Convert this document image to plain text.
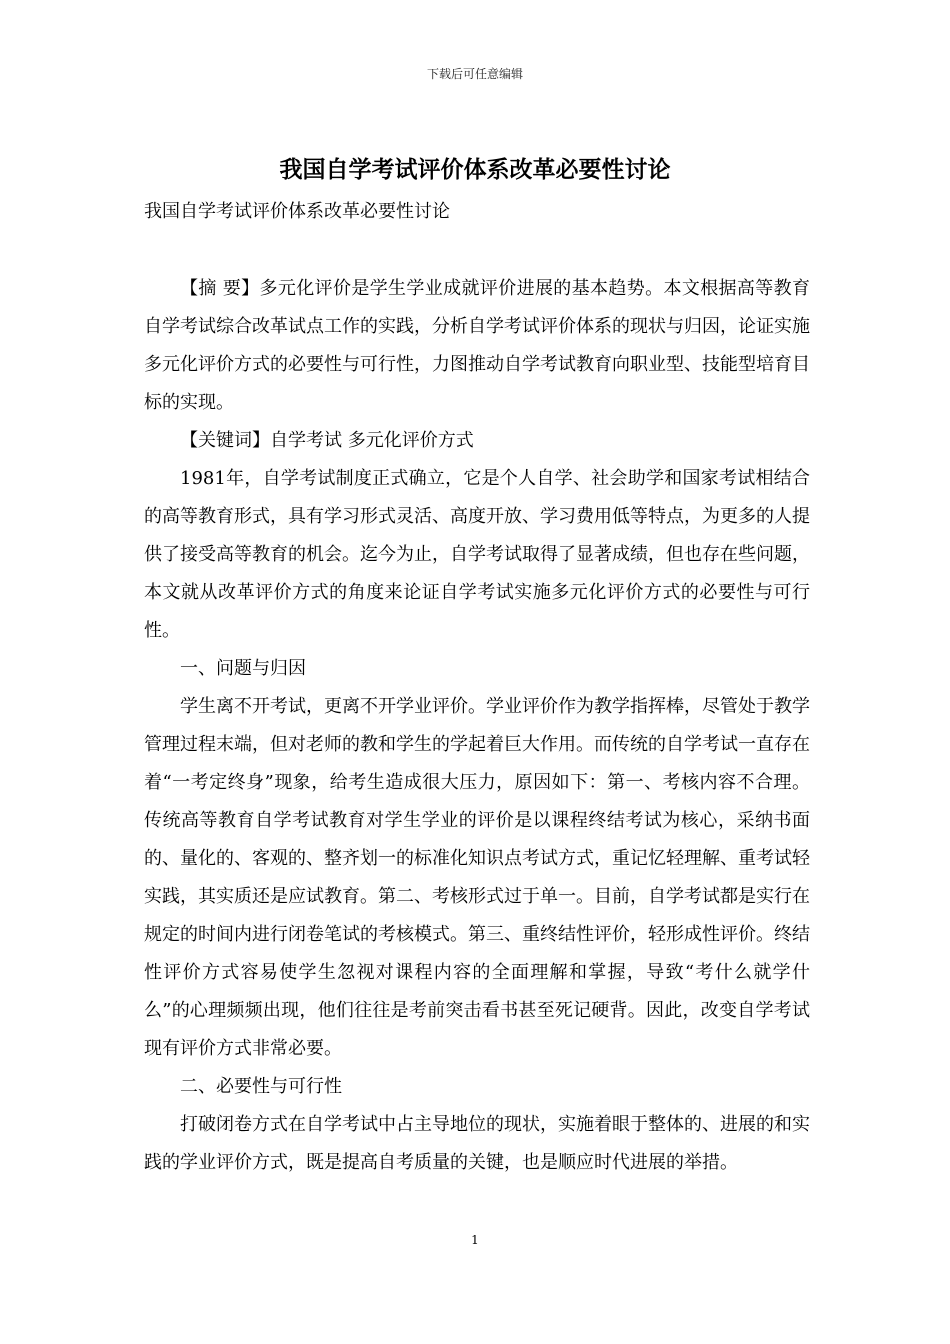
下载后可任意编辑
我国自学考试评价体系改革必要性讨论
我国自学考试评价体系改革必要性讨论

【摘 要】多元化评价是学生学业成就评价进展的基本趋势。本文根据高等教育自学考试综合改革试点工作的实践，分析自学考试评价体系的现状与归因，论证实施多元化评价方式的必要性与可行性，力图推动自学考试教育向职业型、技能型培育目标的实现。

【关键词】自学考试 多元化评价方式

1981年，自学考试制度正式确立，它是个人自学、社会助学和国家考试相结合的高等教育形式，具有学习形式灵活、高度开放、学习费用低等特点，为更多的人提供了接受高等教育的机会。迄今为止，自学考试取得了显著成绩，但也存在些问题，本文就从改革评价方式的角度来论证自学考试实施多元化评价方式的必要性与可行性。

一、问题与归因

学生离不开考试，更离不开学业评价。学业评价作为教学指挥棒，尽管处于教学管理过程末端，但对老师的教和学生的学起着巨大作用。而传统的自学考试一直存在着“一考定终身”现象，给考生造成很大压力，原因如下：第一、考核内容不合理。传统高等教育自学考试教育对学生学业的评价是以课程终结考试为核心，采纳书面的、量化的、客观的、整齐划一的标准化知识点考试方式，重记忆轻理解、重考试轻实践，其实质还是应试教育。第二、考核形式过于单一。目前，自学考试都是实行在规定的时间内进行闭卷笔试的考核模式。第三、重终结性评价，轻形成性评价。终结性评价方式容易使学生忽视对课程内容的全面理解和掌握，导致“考什么就学什么”的心理频频出现，他们往往是考前突击看书甚至死记硬背。因此，改变自学考试现有评价方式非常必要。

二、必要性与可行性

打破闭卷方式在自学考试中占主导地位的现状，实施着眼于整体的、进展的和实践的学业评价方式，既是提高自考质量的关键，也是顺应时代进展的举措。

1
